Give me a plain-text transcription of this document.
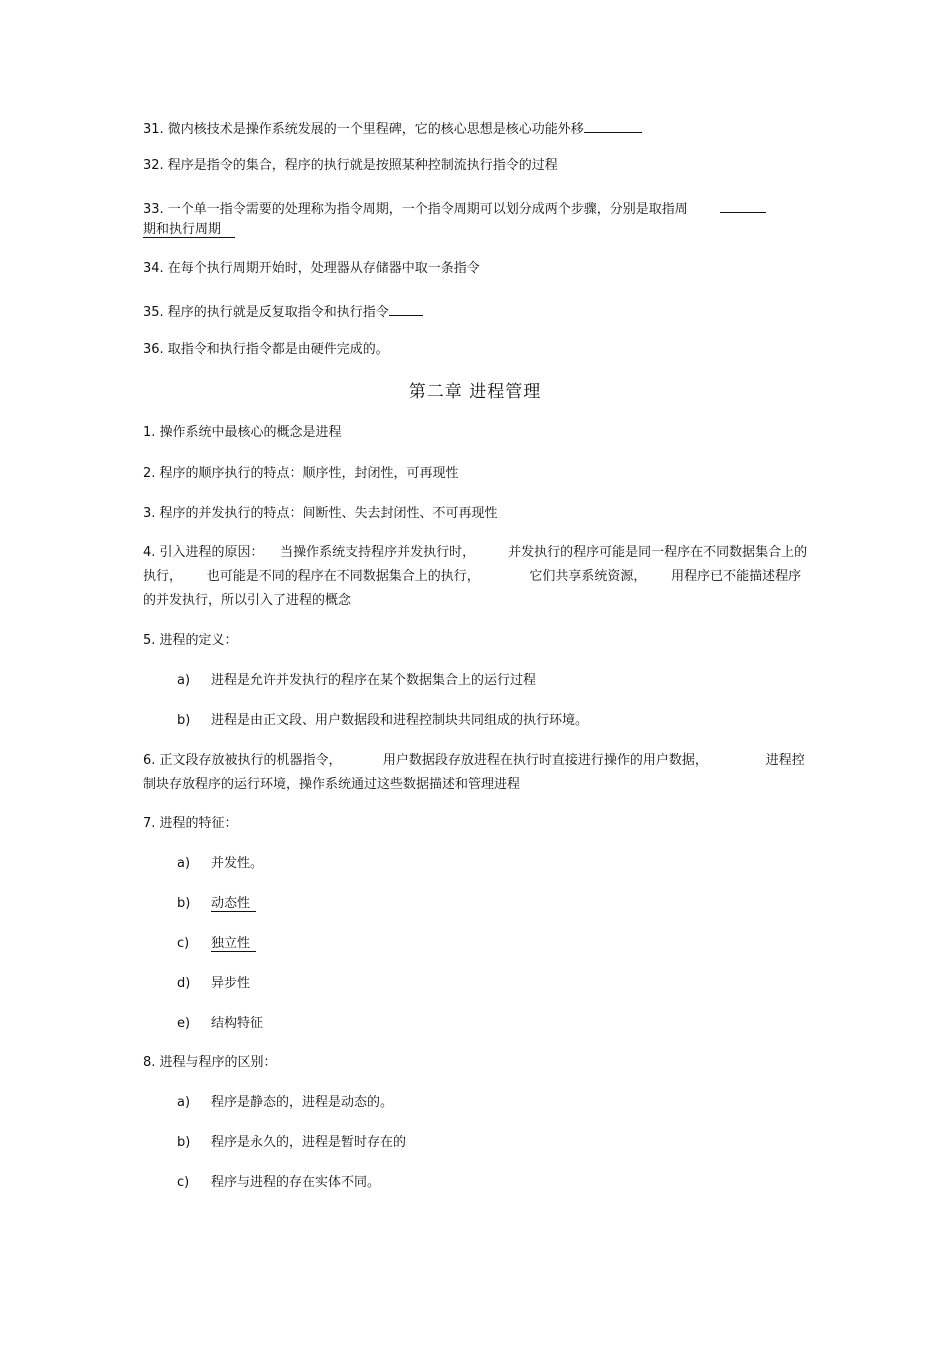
31. 微内核技术是操作系统发展的一个里程碑，它的核心思想是核心功能外移
32. 程序是指令的集合，程序的执行就是按照某种控制流执行指令的过程
33. 一个单一指令需要的处理称为指令周期，一个指令周期可以划分成两个步骤，分别是取指周
期和执行周期
34. 在每个执行周期开始时，处理器从存储器中取一条指令
35. 程序的执行就是反复取指令和执行指令
36. 取指令和执行指令都是由硬件完成的。
第二章 进程管理
1. 操作系统中最核心的概念是进程
2. 程序的顺序执行的特点：顺序性，封闭性，可再现性
3. 程序的并发执行的特点：间断性、失去封闭性、不可再现性
4. 引入进程的原因：    当操作系统支持程序并发执行时，        并发执行的程序可能是同一程序在不同数据集合上的执行，      也可能是不同的程序在不同数据集合上的执行，            它们共享系统资源，      用程序已不能描述程序的并发执行，所以引入了进程的概念
5. 进程的定义：
a) 进程是允许并发执行的程序在某个数据集合上的运行过程
b) 进程是由正文段、用户数据段和进程控制块共同组成的执行环境。
6. 正文段存放被执行的机器指令，          用户数据段存放进程在执行时直接进行操作的用户数据，              进程控制块存放程序的运行环境，操作系统通过这些数据描述和管理进程
7. 进程的特征：
a) 并发性。
b) 动态性
c) 独立性
d) 异步性
e) 结构特征
8. 进程与程序的区别：
a) 程序是静态的，进程是动态的。
b) 程序是永久的，进程是暂时存在的
c) 程序与进程的存在实体不同。
